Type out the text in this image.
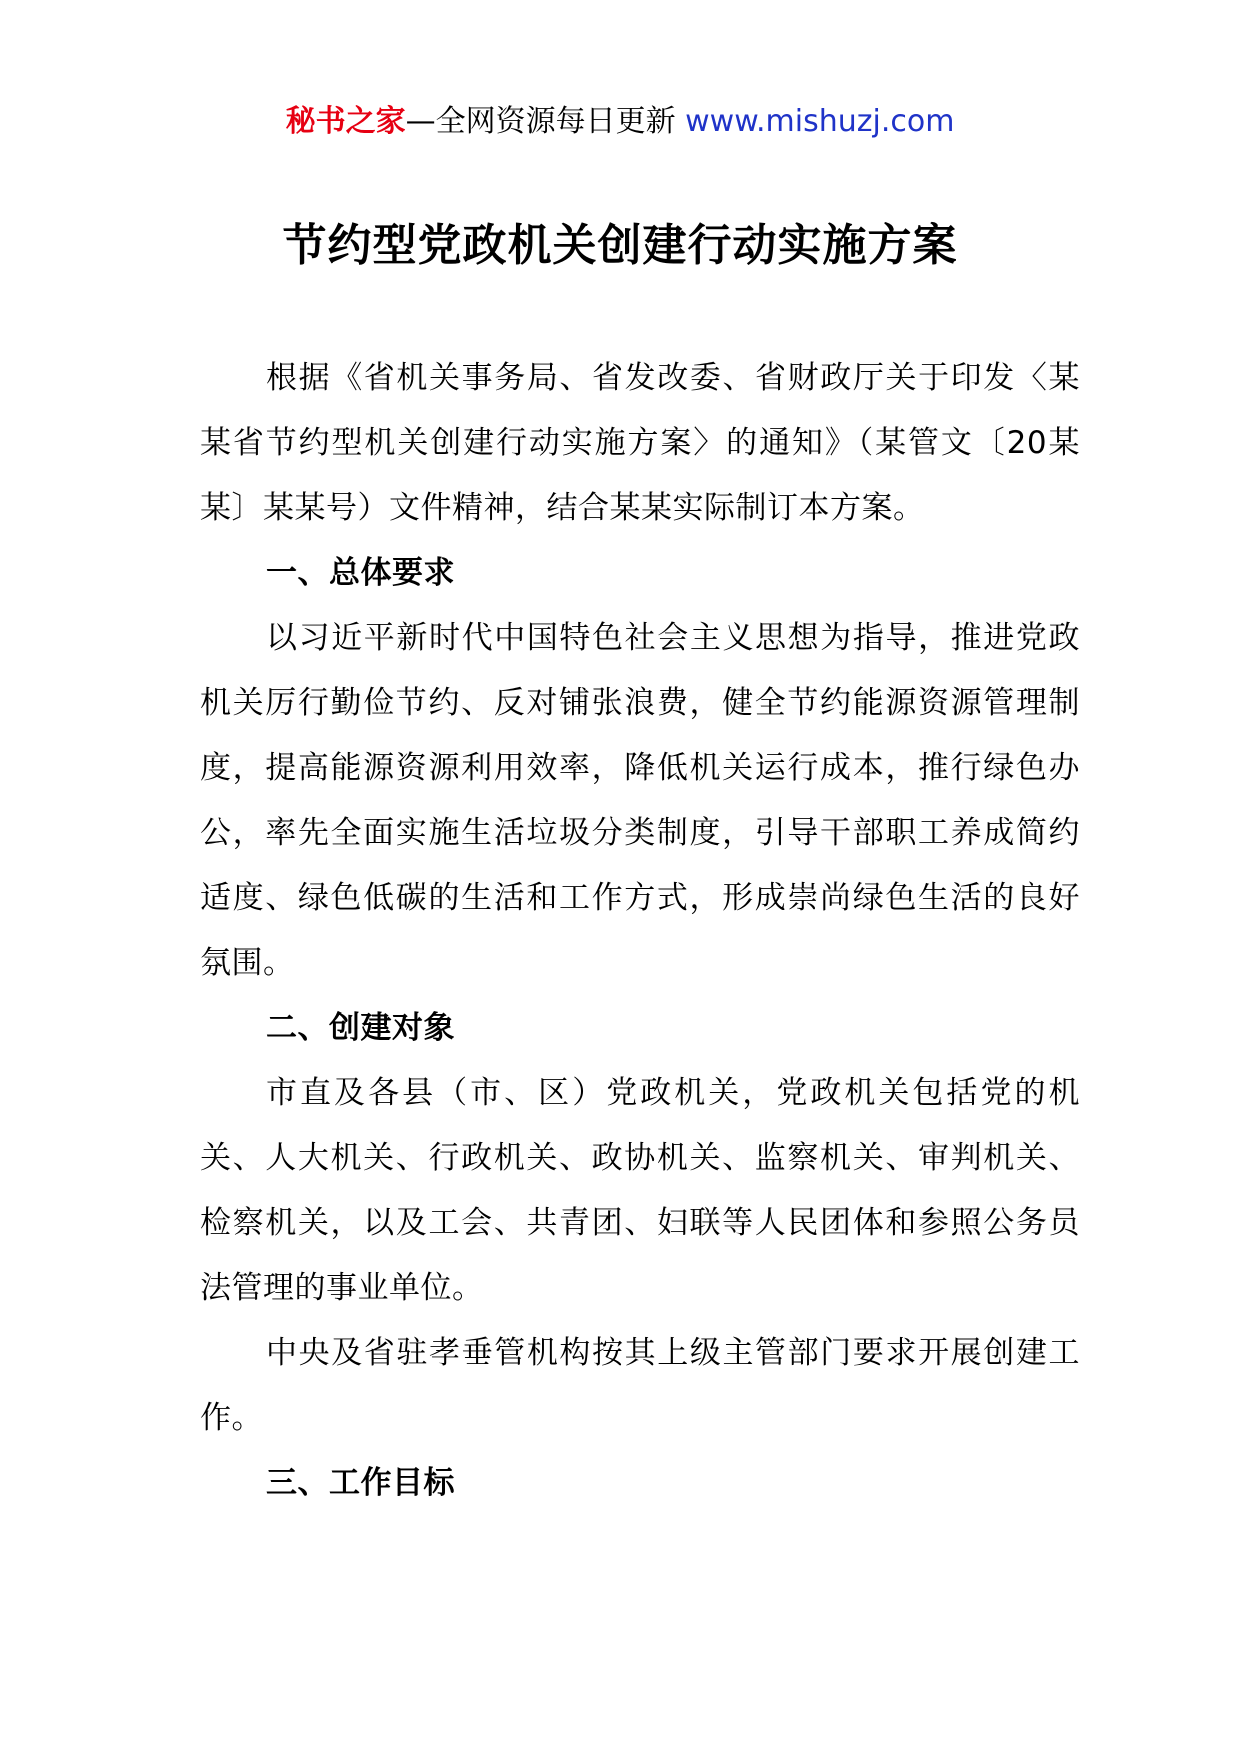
秘书之家—全网资源每日更新 www.mishuzj.com
节约型党政机关创建行动实施方案

根据《省机关事务局、省发改委、省财政厅关于印发〈某某省节约型机关创建行动实施方案〉的通知》（某管文〔20某某〕某某号）文件精神，结合某某实际制订本方案。

一、总体要求

以习近平新时代中国特色社会主义思想为指导，推进党政机关厉行勤俭节约、反对铺张浪费，健全节约能源资源管理制度，提高能源资源利用效率，降低机关运行成本，推行绿色办公，率先全面实施生活垃圾分类制度，引导干部职工养成简约适度、绿色低碳的生活和工作方式，形成崇尚绿色生活的良好氛围。

二、创建对象

市直及各县（市、区）党政机关，党政机关包括党的机关、人大机关、行政机关、政协机关、监察机关、审判机关、检察机关，以及工会、共青团、妇联等人民团体和参照公务员法管理的事业单位。

中央及省驻孝垂管机构按其上级主管部门要求开展创建工作。

三、工作目标
